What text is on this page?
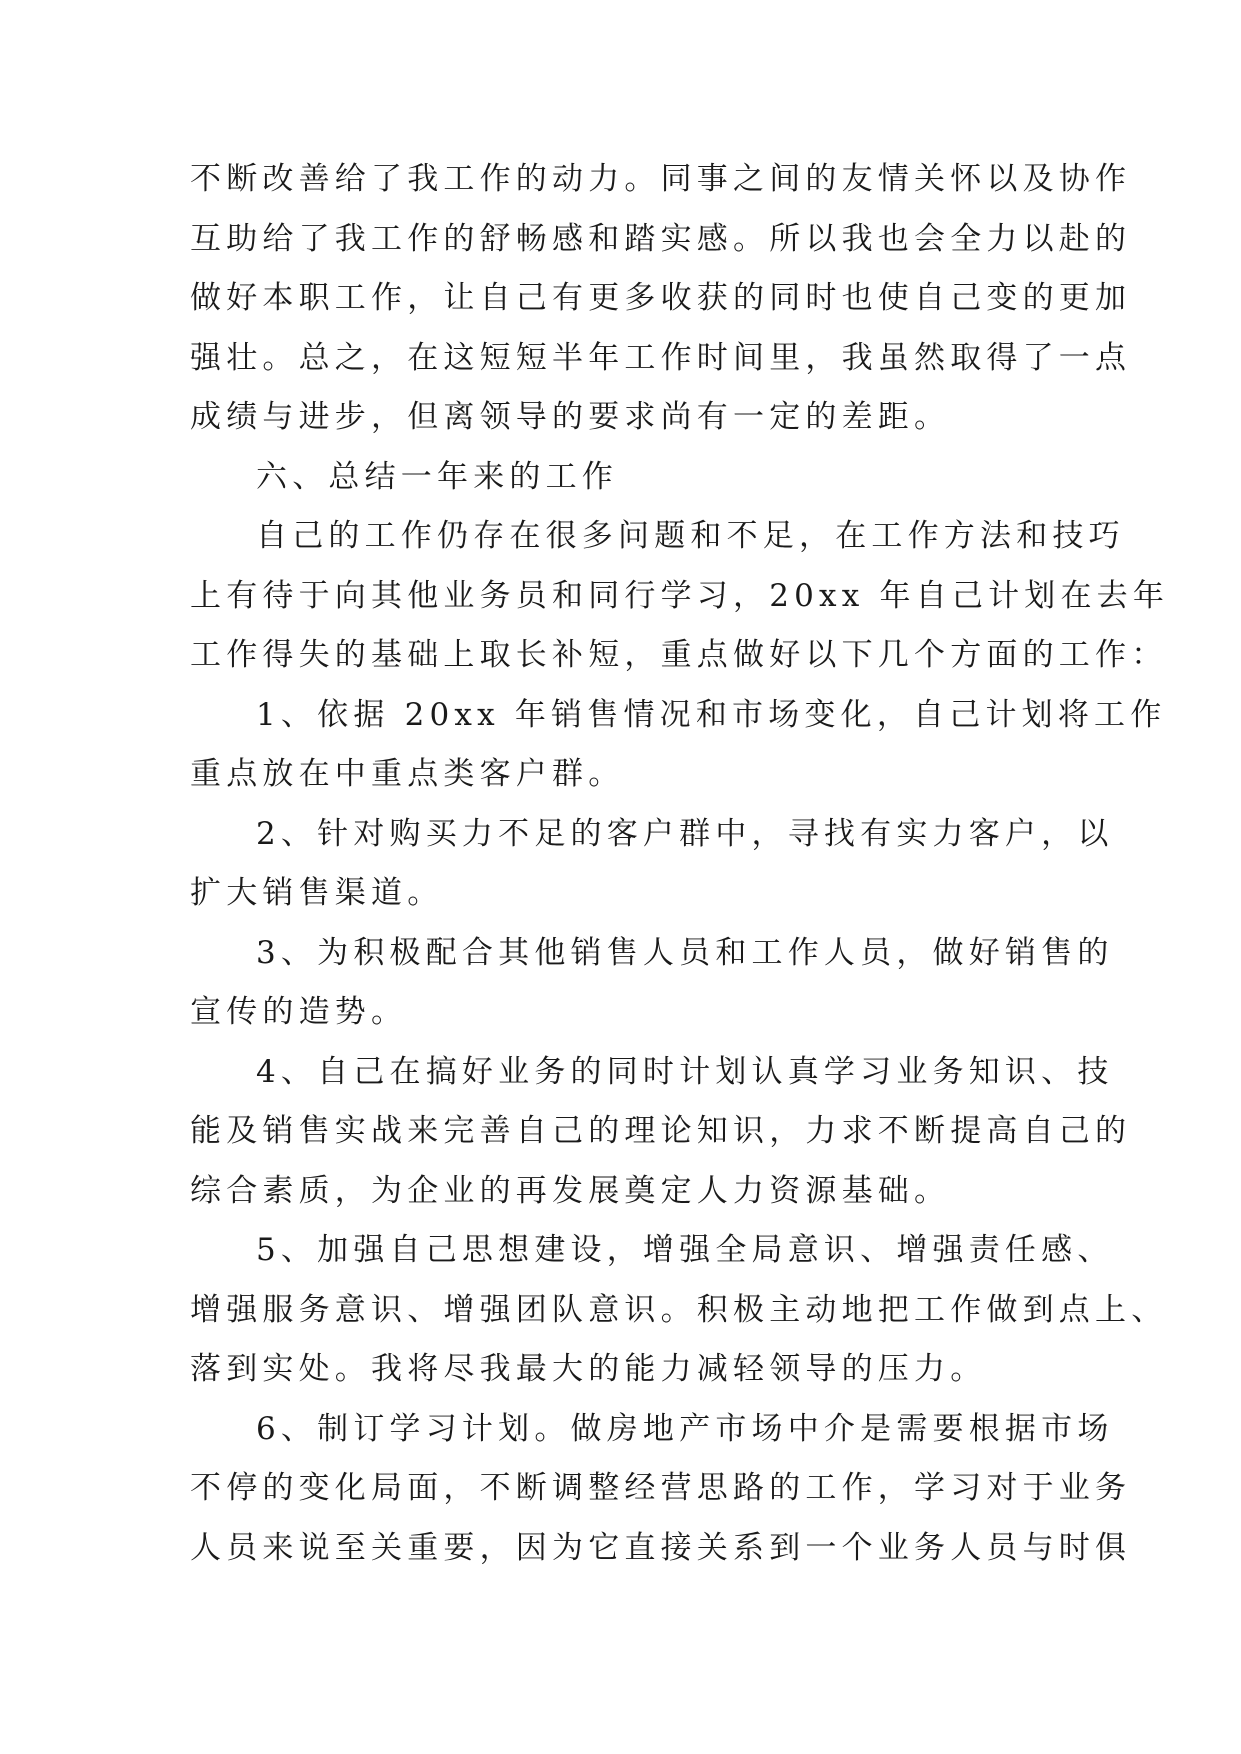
不断改善给了我工作的动力。同事之间的友情关怀以及协作
互助给了我工作的舒畅感和踏实感。所以我也会全力以赴的
做好本职工作，让自己有更多收获的同时也使自己变的更加
强壮。总之，在这短短半年工作时间里，我虽然取得了一点
成绩与进步，但离领导的要求尚有一定的差距。
六、总结一年来的工作
自己的工作仍存在很多问题和不足，在工作方法和技巧
上有待于向其他业务员和同行学习，20xx 年自己计划在去年
工作得失的基础上取长补短，重点做好以下几个方面的工作：
1、依据 20xx 年销售情况和市场变化，自己计划将工作
重点放在中重点类客户群。
2、针对购买力不足的客户群中，寻找有实力客户，以
扩大销售渠道。
3、为积极配合其他销售人员和工作人员，做好销售的
宣传的造势。
4、自己在搞好业务的同时计划认真学习业务知识、技
能及销售实战来完善自己的理论知识，力求不断提高自己的
综合素质，为企业的再发展奠定人力资源基础。
5、加强自己思想建设，增强全局意识、增强责任感、
增强服务意识、增强团队意识。积极主动地把工作做到点上、
落到实处。我将尽我最大的能力减轻领导的压力。
6、制订学习计划。做房地产市场中介是需要根据市场
不停的变化局面，不断调整经营思路的工作，学习对于业务
人员来说至关重要，因为它直接关系到一个业务人员与时俱
